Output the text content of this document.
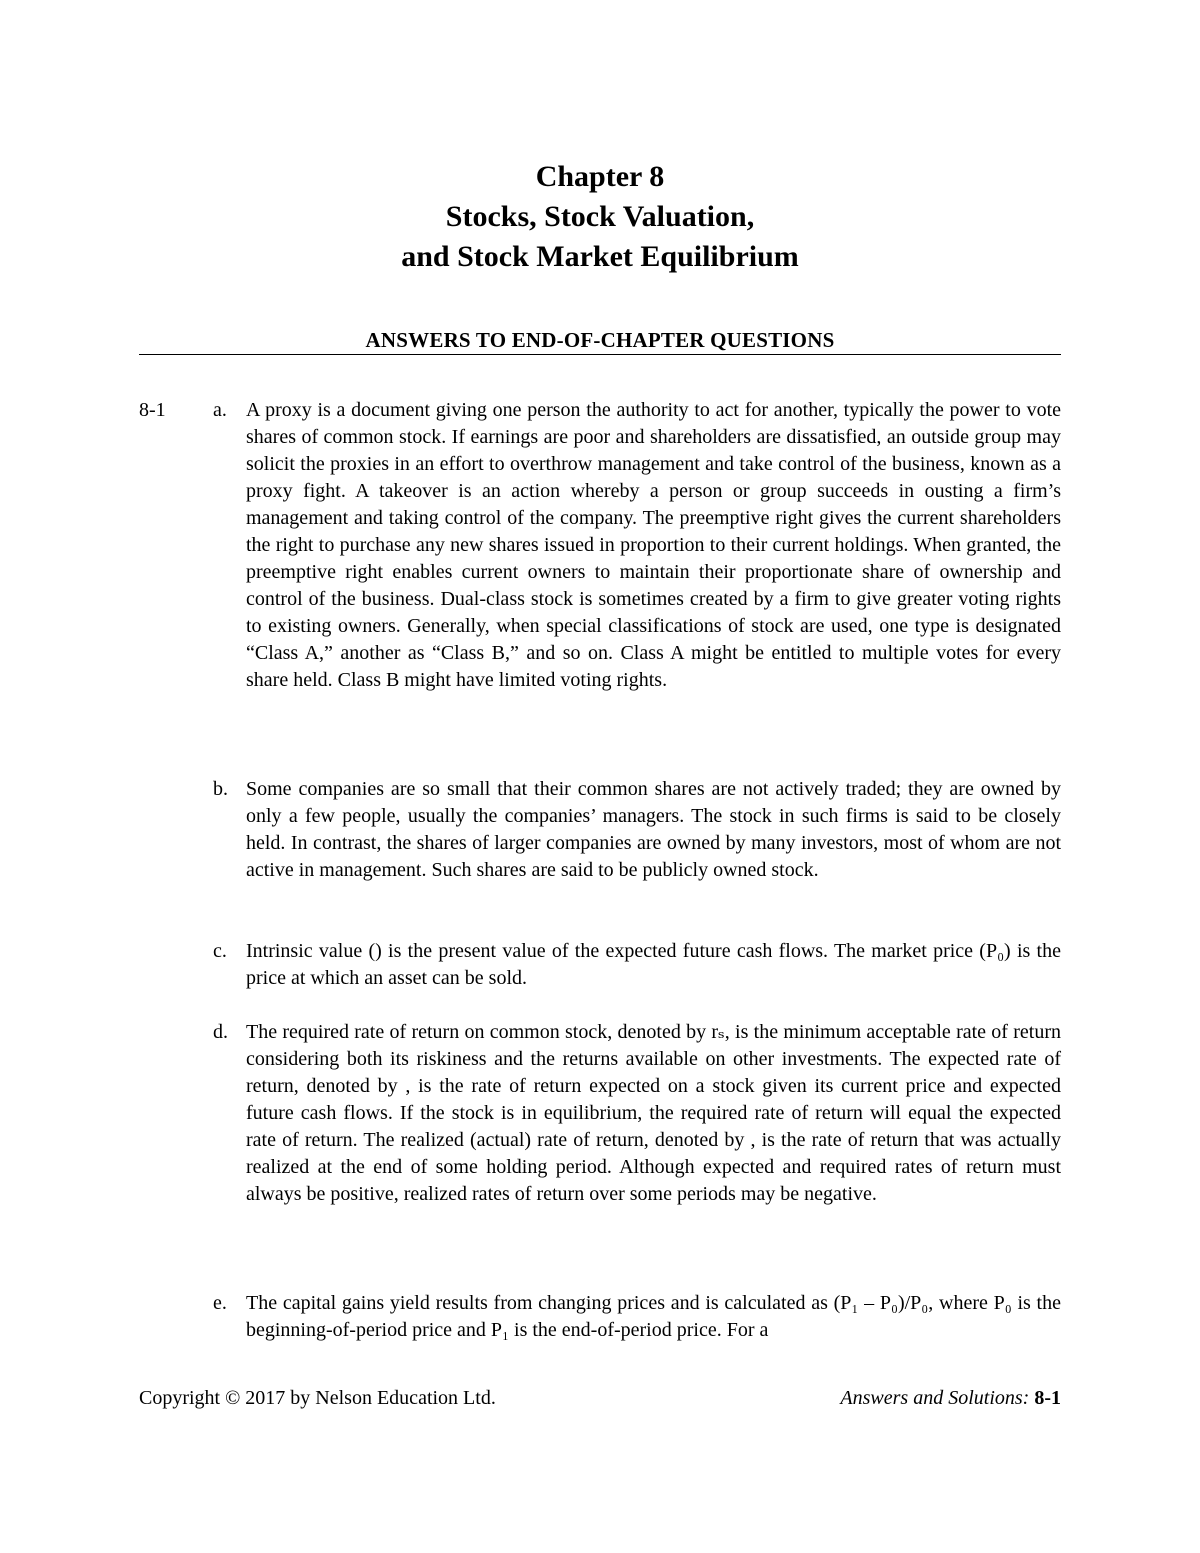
Chapter 8
Stocks, Stock Valuation,
and Stock Market Equilibrium
ANSWERS TO END-OF-CHAPTER QUESTIONS
8-1 a. A proxy is a document giving one person the authority to act for another, typically the power to vote shares of common stock. If earnings are poor and shareholders are dissatisfied, an outside group may solicit the proxies in an effort to overthrow management and take control of the business, known as a proxy fight. A takeover is an action whereby a person or group succeeds in ousting a firm’s management and taking control of the company. The preemptive right gives the current shareholders the right to purchase any new shares issued in proportion to their current holdings. When granted, the preemptive right enables current owners to maintain their proportionate share of ownership and control of the business. Dual-class stock is sometimes created by a firm to give greater voting rights to existing owners. Generally, when special classifications of stock are used, one type is designated “Class A,” another as “Class B,” and so on. Class A might be entitled to multiple votes for every share held. Class B might have limited voting rights.
b. Some companies are so small that their common shares are not actively traded; they are owned by only a few people, usually the companies’ managers. The stock in such firms is said to be closely held. In contrast, the shares of larger companies are owned by many investors, most of whom are not active in management. Such shares are said to be publicly owned stock.
c. Intrinsic value () is the present value of the expected future cash flows. The market price (P₀) is the price at which an asset can be sold.
d. The required rate of return on common stock, denoted by rₛ, is the minimum acceptable rate of return considering both its riskiness and the returns available on other investments. The expected rate of return, denoted by , is the rate of return expected on a stock given its current price and expected future cash flows. If the stock is in equilibrium, the required rate of return will equal the expected rate of return. The realized (actual) rate of return, denoted by , is the rate of return that was actually realized at the end of some holding period. Although expected and required rates of return must always be positive, realized rates of return over some periods may be negative.
e. The capital gains yield results from changing prices and is calculated as (P₁ – P₀)/P₀, where P₀ is the beginning-of-period price and P₁ is the end-of-period price. For a
Copyright © 2017 by Nelson Education Ltd.	Answers and Solutions: 8-1
